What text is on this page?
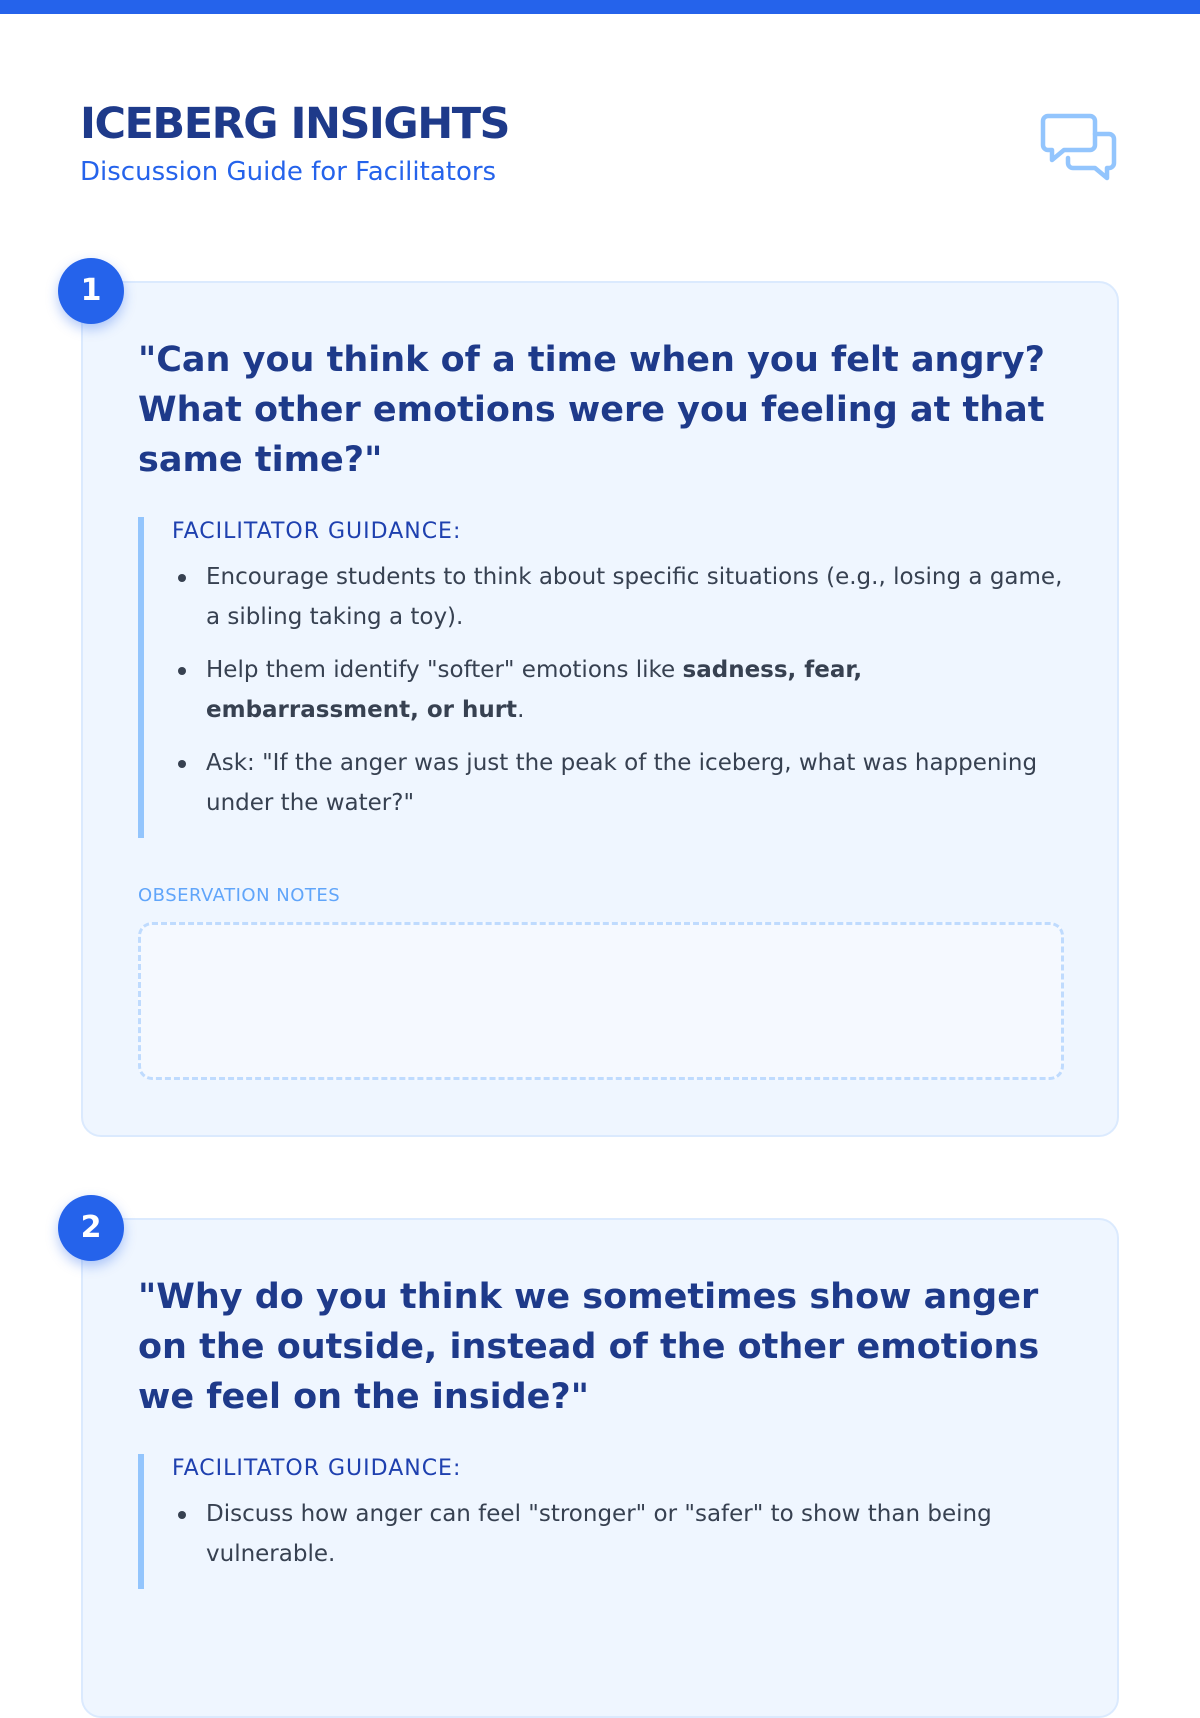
ICEBERG INSIGHTS

Discussion Guide for Facilitators

1
"Can you think of a time when you felt angry? What other emotions were you feeling at that same time?"

FACILITATOR GUIDANCE:

Encourage students to think about specific situations (e.g., losing a game, a sibling taking a toy).
Help them identify "softer" emotions like sadness, fear, embarrassment, or hurt.
Ask: "If the anger was just the peak of the iceberg, what was happening under the water?"

OBSERVATION NOTES

2
"Why do you think we sometimes show anger on the outside, instead of the other emotions we feel on the inside?"

FACILITATOR GUIDANCE:

Discuss how anger can feel "stronger" or "safer" to show than being vulnerable.
